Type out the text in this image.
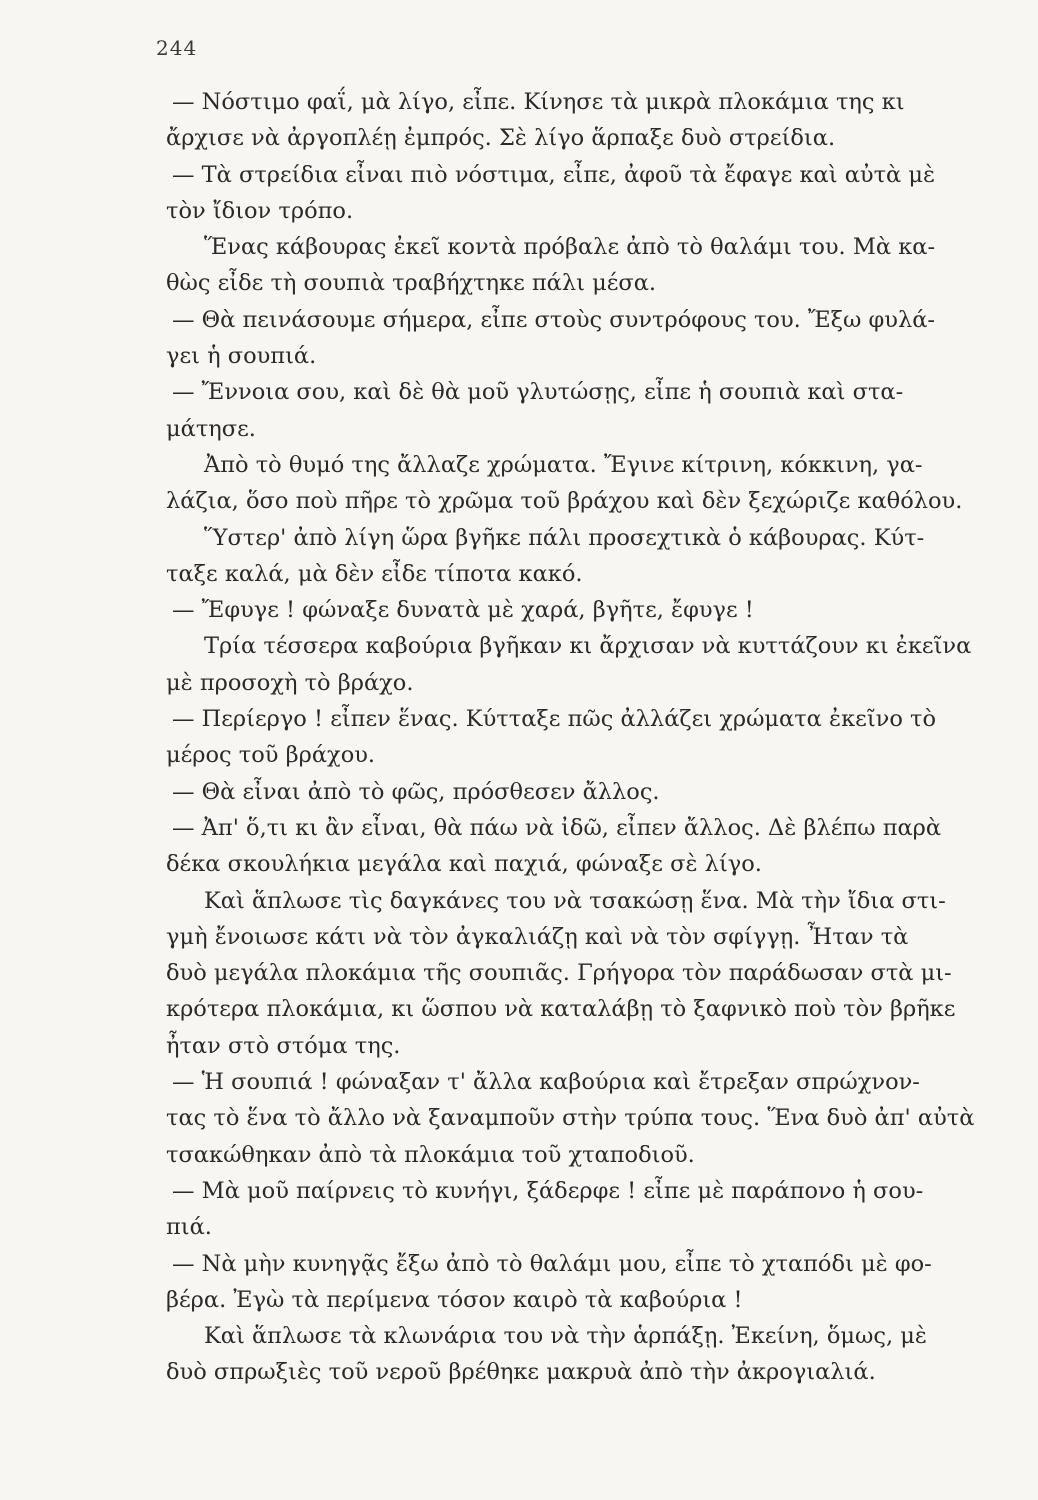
244
— Νόστιμο φαΐ, μὰ λίγο, εἶπε. Κίνησε τὰ μικρὰ πλοκάμια της κι
ἄρχισε νὰ ἀργοπλέῃ ἐμπρός. Σὲ λίγο ἅρπαξε δυὸ στρείδια.
— Τὰ στρείδια εἶναι πιὸ νόστιμα, εἶπε, ἀφοῦ τὰ ἔφαγε καὶ αὐτὰ μὲ
τὸν ἴδιον τρόπο.
Ἕνας κάβουρας ἐκεῖ κοντὰ πρόβαλε ἀπὸ τὸ θαλάμι του. Μὰ κα-
θὼς εἶδε τὴ σουπιὰ τραβήχτηκε πάλι μέσα.
— Θὰ πεινάσουμε σήμερα, εἶπε στοὺς συντρόφους του. Ἔξω φυλά-
γει ἡ σουπιά.
— Ἔννοια σου, καὶ δὲ θὰ μοῦ γλυτώσῃς, εἶπε ἡ σουπιὰ καὶ στα-
μάτησε.
Ἀπὸ τὸ θυμό της ἄλλαζε χρώματα. Ἔγινε κίτρινη, κόκκινη, γα-
λάζια, ὅσο ποὺ πῆρε τὸ χρῶμα τοῦ βράχου καὶ δὲν ξεχώριζε καθόλου.
Ὕστερ' ἀπὸ λίγη ὥρα βγῆκε πάλι προσεχτικὰ ὁ κάβουρας. Κύτ-
ταξε καλά, μὰ δὲν εἶδε τίποτα κακό.
— Ἔφυγε ! φώναξε δυνατὰ μὲ χαρά, βγῆτε, ἔφυγε !
Τρία τέσσερα καβούρια βγῆκαν κι ἄρχισαν νὰ κυττάζουν κι ἐκεῖνα
μὲ προσοχὴ τὸ βράχο.
— Περίεργο ! εἶπεν ἕνας. Κύτταξε πῶς ἀλλάζει χρώματα ἐκεῖνο τὸ
μέρος τοῦ βράχου.
— Θὰ εἶναι ἀπὸ τὸ φῶς, πρόσθεσεν ἄλλος.
— Ἀπ' ὅ,τι κι ἂν εἶναι, θὰ πάω νὰ ἰδῶ, εἶπεν ἄλλος. Δὲ βλέπω παρὰ
δέκα σκουλήκια μεγάλα καὶ παχιά, φώναξε σὲ λίγο.
Καὶ ἅπλωσε τὶς δαγκάνες του νὰ τσακώσῃ ἕνα. Μὰ τὴν ἴδια στι-
γμὴ ἔνοιωσε κάτι νὰ τὸν ἀγκαλιάζῃ καὶ νὰ τὸν σφίγγῃ. Ἦταν τὰ
δυὸ μεγάλα πλοκάμια τῆς σουπιᾶς. Γρήγορα τὸν παράδωσαν στὰ μι-
κρότερα πλοκάμια, κι ὥσπου νὰ καταλάβῃ τὸ ξαφνικὸ ποὺ τὸν βρῆκε
ἦταν στὸ στόμα της.
— Ἡ σουπιά ! φώναξαν τ' ἄλλα καβούρια καὶ ἔτρεξαν σπρώχνον-
τας τὸ ἕνα τὸ ἄλλο νὰ ξαναμποῦν στὴν τρύπα τους. Ἕνα δυὸ ἀπ' αὐτὰ
τσακώθηκαν ἀπὸ τὰ πλοκάμια τοῦ χταποδιοῦ.
— Μὰ μοῦ παίρνεις τὸ κυνήγι, ξάδερφε ! εἶπε μὲ παράπονο ἡ σου-
πιά.
— Νὰ μὴν κυνηγᾷς ἔξω ἀπὸ τὸ θαλάμι μου, εἶπε τὸ χταπόδι μὲ φο-
βέρα. Ἐγὼ τὰ περίμενα τόσον καιρὸ τὰ καβούρια !
Καὶ ἅπλωσε τὰ κλωνάρια του νὰ τὴν ἁρπάξῃ. Ἐκείνη, ὅμως, μὲ
δυὸ σπρωξιὲς τοῦ νεροῦ βρέθηκε μακρυὰ ἀπὸ τὴν ἀκρογιαλιά.
